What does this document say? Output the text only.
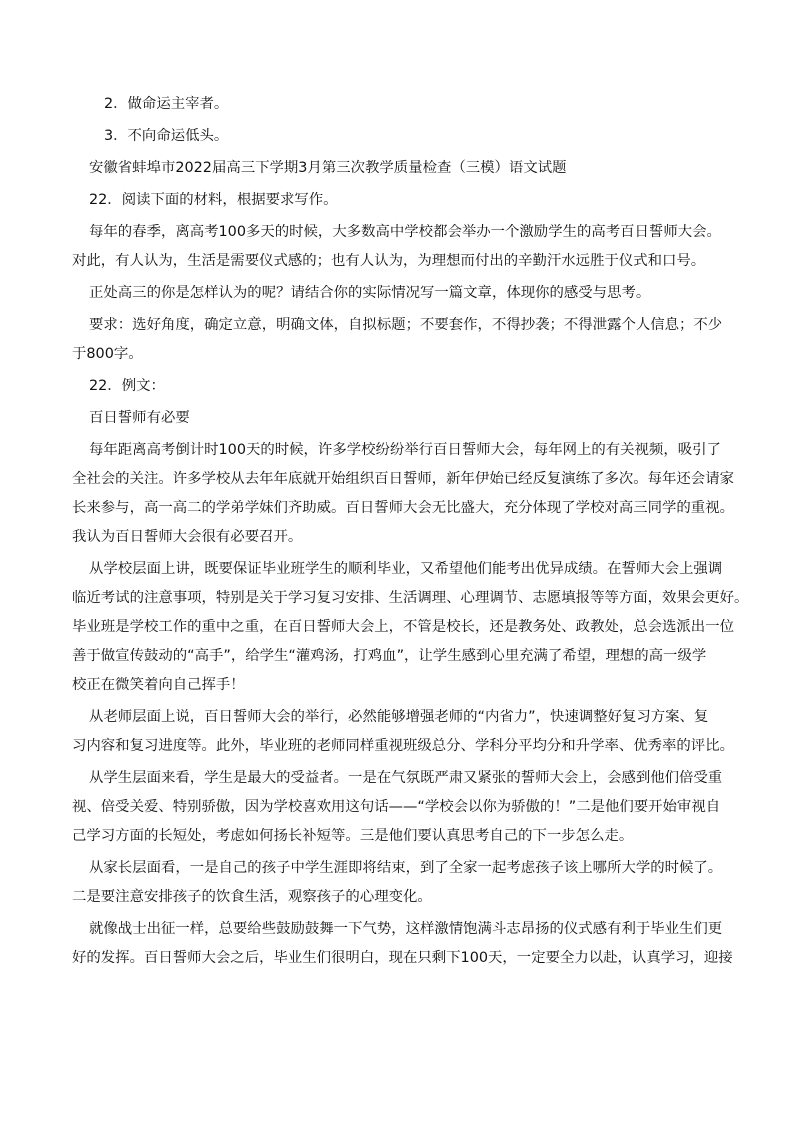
2．做命运主宰者。

3．不向命运低头。

安徽省蚌埠市2022届高三下学期3月第三次教学质量检查（三模）语文试题

22．阅读下面的材料，根据要求写作。

每年的春季，离高考100多天的时候，大多数高中学校都会举办一个激励学生的高考百日誓师大会。

对此，有人认为，生活是需要仪式感的；也有人认为，为理想而付出的辛勤汗水远胜于仪式和口号。

正处高三的你是怎样认为的呢？请结合你的实际情况写一篇文章，体现你的感受与思考。

要求：选好角度，确定立意，明确文体，自拟标题；不要套作，不得抄袭；不得泄露个人信息；不少

于800字。

22．例文：

百日誓师有必要

每年距离高考倒计时100天的时候，许多学校纷纷举行百日誓师大会，每年网上的有关视频，吸引了

全社会的关注。许多学校从去年年底就开始组织百日誓师，新年伊始已经反复演练了多次。每年还会请家

长来参与，高一高二的学弟学妹们齐助威。百日誓师大会无比盛大，充分体现了学校对高三同学的重视。

我认为百日誓师大会很有必要召开。

从学校层面上讲，既要保证毕业班学生的顺利毕业，又希望他们能考出优异成绩。在誓师大会上强调

临近考试的注意事项，特别是关于学习复习安排、生活调理、心理调节、志愿填报等等方面，效果会更好。

毕业班是学校工作的重中之重，在百日誓师大会上，不管是校长，还是教务处、政教处，总会选派出一位

善于做宣传鼓动的“高手”，给学生“灌鸡汤，打鸡血”，让学生感到心里充满了希望，理想的高一级学

校正在微笑着向自己挥手！

从老师层面上说，百日誓师大会的举行，必然能够增强老师的“内省力”，快速调整好复习方案、复

习内容和复习进度等。此外，毕业班的老师同样重视班级总分、学科分平均分和升学率、优秀率的评比。

从学生层面来看，学生是最大的受益者。一是在气氛既严肃又紧张的誓师大会上，会感到他们倍受重

视、倍受关爱、特别骄傲，因为学校喜欢用这句话——“学校会以你为骄傲的！”二是他们要开始审视自

己学习方面的长短处，考虑如何扬长补短等。三是他们要认真思考自己的下一步怎么走。

从家长层面看，一是自己的孩子中学生涯即将结束，到了全家一起考虑孩子该上哪所大学的时候了。

二是要注意安排孩子的饮食生活，观察孩子的心理变化。

就像战士出征一样，总要给些鼓励鼓舞一下气势，这样激情饱满斗志昂扬的仪式感有利于毕业生们更

好的发挥。百日誓师大会之后，毕业生们很明白，现在只剩下100天，一定要全力以赴，认真学习，迎接
